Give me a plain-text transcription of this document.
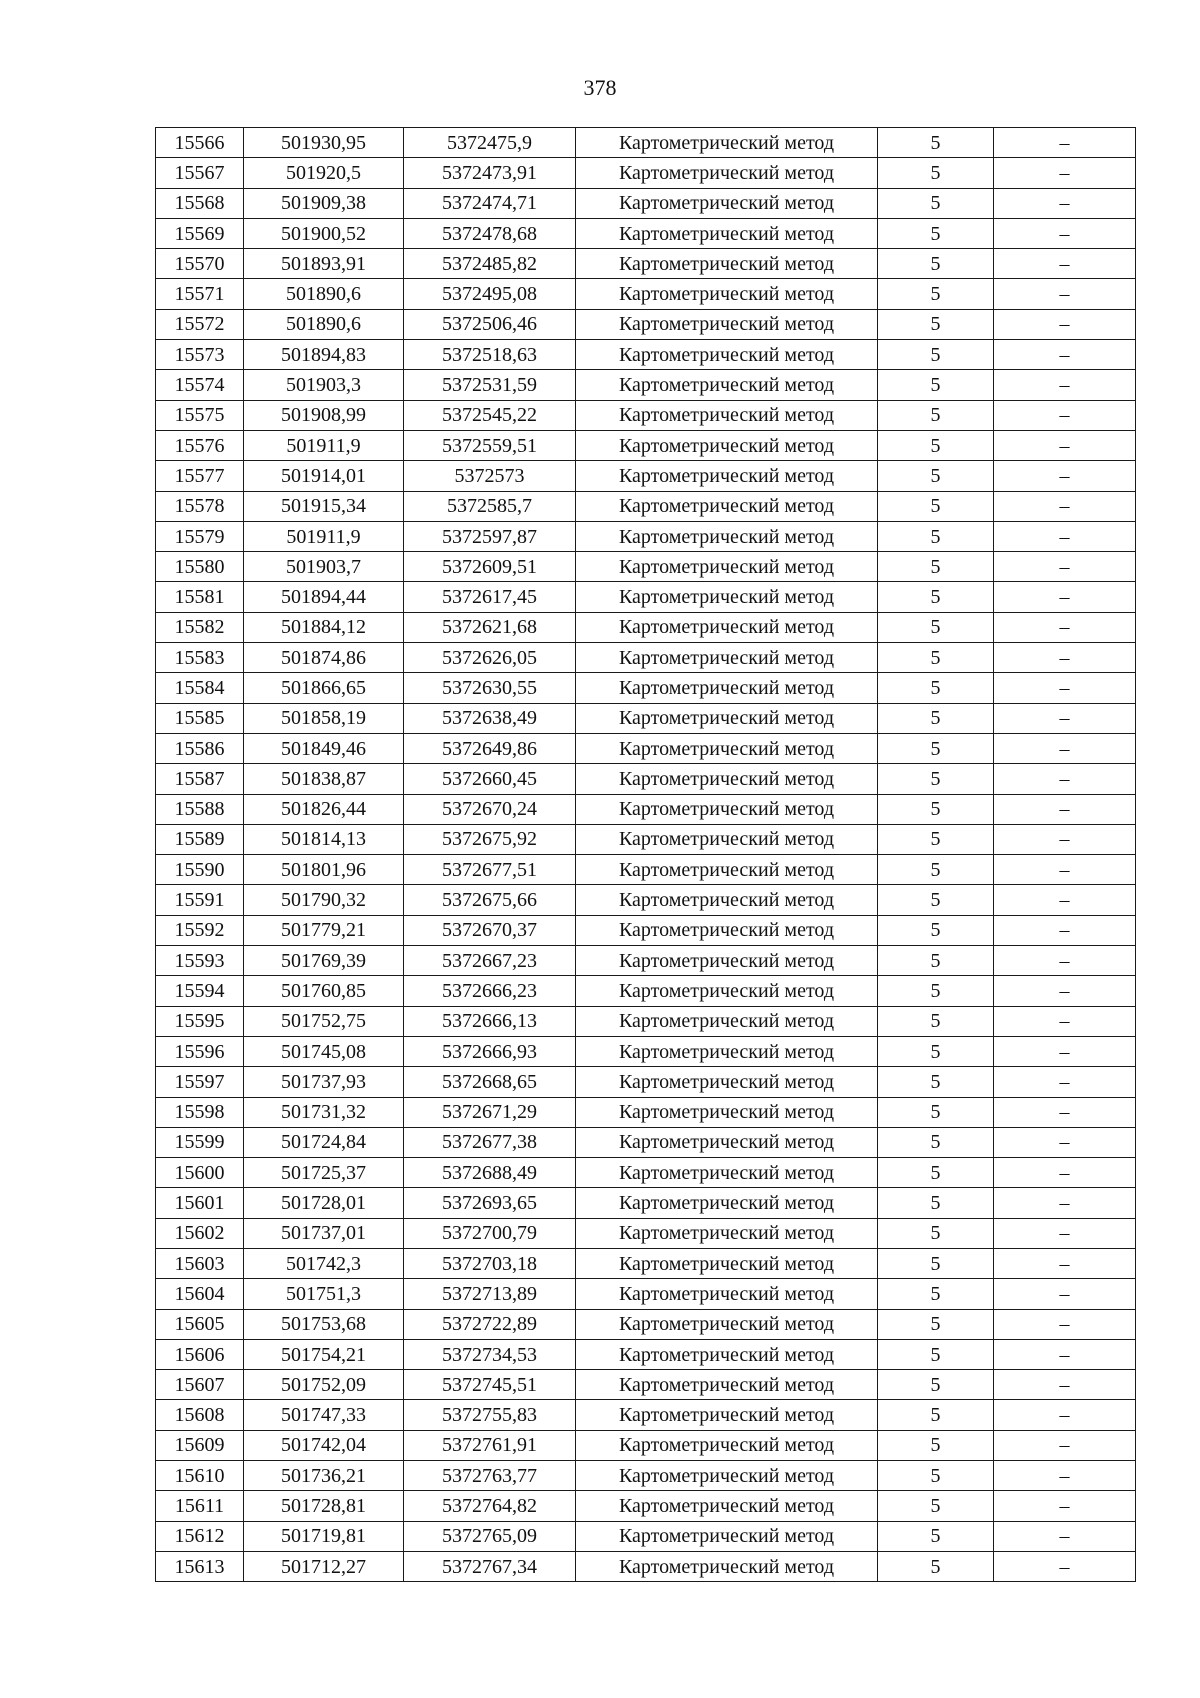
378
15566	501930,95	5372475,9	Картометрический метод	5	–
15567	501920,5	5372473,91	Картометрический метод	5	–
15568	501909,38	5372474,71	Картометрический метод	5	–
15569	501900,52	5372478,68	Картометрический метод	5	–
15570	501893,91	5372485,82	Картометрический метод	5	–
15571	501890,6	5372495,08	Картометрический метод	5	–
15572	501890,6	5372506,46	Картометрический метод	5	–
15573	501894,83	5372518,63	Картометрический метод	5	–
15574	501903,3	5372531,59	Картометрический метод	5	–
15575	501908,99	5372545,22	Картометрический метод	5	–
15576	501911,9	5372559,51	Картометрический метод	5	–
15577	501914,01	5372573	Картометрический метод	5	–
15578	501915,34	5372585,7	Картометрический метод	5	–
15579	501911,9	5372597,87	Картометрический метод	5	–
15580	501903,7	5372609,51	Картометрический метод	5	–
15581	501894,44	5372617,45	Картометрический метод	5	–
15582	501884,12	5372621,68	Картометрический метод	5	–
15583	501874,86	5372626,05	Картометрический метод	5	–
15584	501866,65	5372630,55	Картометрический метод	5	–
15585	501858,19	5372638,49	Картометрический метод	5	–
15586	501849,46	5372649,86	Картометрический метод	5	–
15587	501838,87	5372660,45	Картометрический метод	5	–
15588	501826,44	5372670,24	Картометрический метод	5	–
15589	501814,13	5372675,92	Картометрический метод	5	–
15590	501801,96	5372677,51	Картометрический метод	5	–
15591	501790,32	5372675,66	Картометрический метод	5	–
15592	501779,21	5372670,37	Картометрический метод	5	–
15593	501769,39	5372667,23	Картометрический метод	5	–
15594	501760,85	5372666,23	Картометрический метод	5	–
15595	501752,75	5372666,13	Картометрический метод	5	–
15596	501745,08	5372666,93	Картометрический метод	5	–
15597	501737,93	5372668,65	Картометрический метод	5	–
15598	501731,32	5372671,29	Картометрический метод	5	–
15599	501724,84	5372677,38	Картометрический метод	5	–
15600	501725,37	5372688,49	Картометрический метод	5	–
15601	501728,01	5372693,65	Картометрический метод	5	–
15602	501737,01	5372700,79	Картометрический метод	5	–
15603	501742,3	5372703,18	Картометрический метод	5	–
15604	501751,3	5372713,89	Картометрический метод	5	–
15605	501753,68	5372722,89	Картометрический метод	5	–
15606	501754,21	5372734,53	Картометрический метод	5	–
15607	501752,09	5372745,51	Картометрический метод	5	–
15608	501747,33	5372755,83	Картометрический метод	5	–
15609	501742,04	5372761,91	Картометрический метод	5	–
15610	501736,21	5372763,77	Картометрический метод	5	–
15611	501728,81	5372764,82	Картометрический метод	5	–
15612	501719,81	5372765,09	Картометрический метод	5	–
15613	501712,27	5372767,34	Картометрический метод	5	–
